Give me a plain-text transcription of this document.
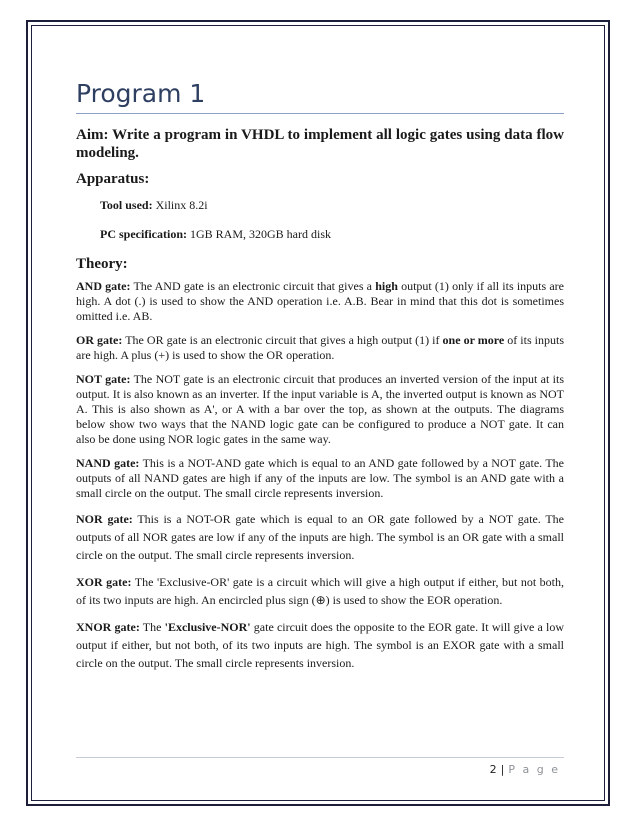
Program 1

Aim: Write a program in VHDL to implement all logic gates using data flow modeling.

Apparatus:

Tool used: Xilinx 8.2i

PC specification: 1GB RAM, 320GB hard disk

Theory:

AND gate: The AND gate is an electronic circuit that gives a high output (1) only if all its inputs are high. A dot (.) is used to show the AND operation i.e. A.B. Bear in mind that this dot is sometimes omitted i.e. AB.

OR gate: The OR gate is an electronic circuit that gives a high output (1) if one or more of its inputs are high. A plus (+) is used to show the OR operation.

NOT gate: The NOT gate is an electronic circuit that produces an inverted version of the input at its output. It is also known as an inverter. If the input variable is A, the inverted output is known as NOT A. This is also shown as A', or A with a bar over the top, as shown at the outputs. The diagrams below show two ways that the NAND logic gate can be configured to produce a NOT gate. It can also be done using NOR logic gates in the same way.

NAND gate: This is a NOT-AND gate which is equal to an AND gate followed by a NOT gate. The outputs of all NAND gates are high if any of the inputs are low. The symbol is an AND gate with a small circle on the output. The small circle represents inversion.

NOR gate: This is a NOT-OR gate which is equal to an OR gate followed by a NOT gate. The outputs of all NOR gates are low if any of the inputs are high. The symbol is an OR gate with a small circle on the output. The small circle represents inversion.

XOR gate: The 'Exclusive-OR' gate is a circuit which will give a high output if either, but not both, of its two inputs are high. An encircled plus sign (⊕) is used to show the EOR operation.

XNOR gate: The 'Exclusive-NOR' gate circuit does the opposite to the EOR gate. It will give a low output if either, but not both, of its two inputs are high. The symbol is an EXOR gate with a small circle on the output. The small circle represents inversion.

2 | P a g e
